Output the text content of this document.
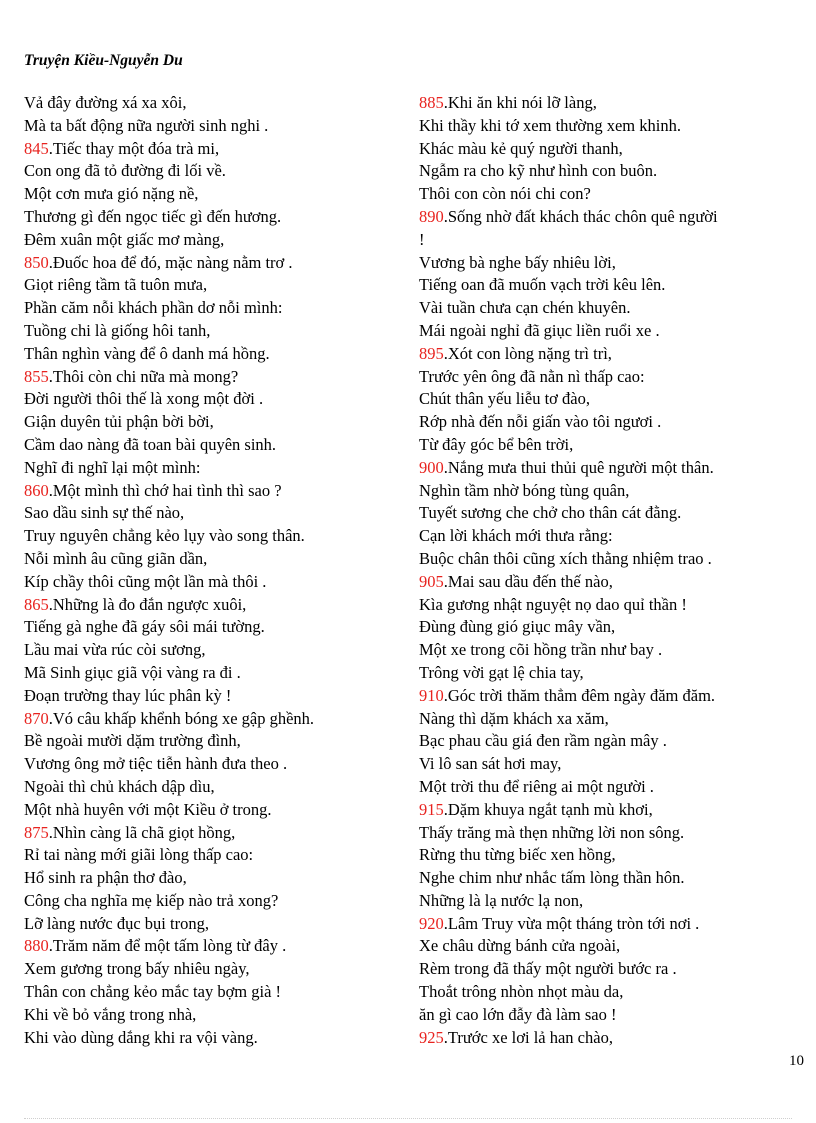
Truyện Kiều-Nguyễn Du
Vả đây đường xá xa xôi,
Mà ta bất động nữa người sinh nghi .
845.Tiếc thay một đóa trà mi,
Con ong đã tỏ đường đi lối về.
Một cơn mưa gió nặng nề,
Thương gì đến ngọc tiếc gì đến hương.
Đêm xuân một giấc mơ màng,
850.Đuốc hoa để đó, mặc nàng nằm trơ .
Giọt riêng tầm tã tuôn mưa,
Phần căm nỗi khách phần dơ nỗi mình:
Tuồng chi là giống hôi tanh,
Thân nghìn vàng để ô danh má hồng.
855.Thôi còn chi nữa mà mong?
Đời người thôi thế là xong một đời .
Giận duyên tủi phận bời bời,
Cầm dao nàng đã toan bài quyên sinh.
Nghĩ đi nghĩ lại một mình:
860.Một mình thì chớ hai tình thì sao ?
Sao dầu sinh sự thế nào,
Truy nguyên chẳng kẻo lụy vào song thân.
Nỗi mình âu cũng giãn dần,
Kíp chầy thôi cũng một lần mà thôi .
865.Những là đo đắn ngược xuôi,
Tiếng gà nghe đã gáy sôi mái tường.
Lầu mai vừa rúc còi sương,
Mã Sinh giục giã vội vàng ra đi .
Đoạn trường thay lúc phân kỳ !
870.Vó câu khấp khểnh bóng xe gập ghềnh.
Bề ngoài mười dặm trường đình,
Vương ông mở tiệc tiễn hành đưa theo .
Ngoài thì chủ khách dập dìu,
Một nhà huyên với một Kiều ở trong.
875.Nhìn càng lã chã giọt hồng,
Rỉ tai nàng mới giãi lòng thấp cao:
Hổ sinh ra phận thơ đào,
Công cha nghĩa mẹ kiếp nào trả xong?
Lỡ làng nước đục bụi trong,
880.Trăm năm để một tấm lòng từ đây .
Xem gương trong bấy nhiêu ngày,
Thân con chẳng kẻo mắc tay bợm già !
Khi về bỏ vắng trong nhà,
Khi vào dùng dắng khi ra vội vàng.
885.Khi ăn khi nói lỡ làng,
Khi thầy khi tớ xem thường xem khinh.
Khác màu kẻ quý người thanh,
Ngẫm ra cho kỹ như hình con buôn.
Thôi con còn nói chi con?
890.Sống nhờ đất khách thác chôn quê người
!
Vương bà nghe bấy nhiêu lời,
Tiếng oan đã muốn vạch trời kêu lên.
Vài tuần chưa cạn chén khuyên.
Mái ngoài nghỉ đã giục liền ruổi xe .
895.Xót con lòng nặng trì trì,
Trước yên ông đã nằn nì thấp cao:
Chút thân yếu liễu tơ đào,
Rớp nhà đến nỗi giấn vào tôi ngươi .
Từ đây góc bể bên trời,
900.Nắng mưa thui thủi quê người một thân.
Nghìn tầm nhờ bóng tùng quân,
Tuyết sương che chở cho thân cát đằng.
Cạn lời khách mới thưa rằng:
Buộc chân thôi cũng xích thằng nhiệm trao .
905.Mai sau dầu đến thế nào,
Kìa gương nhật nguyệt nọ dao quỉ thần !
Đùng đùng gió giục mây vần,
Một xe trong cõi hồng trần như bay .
Trông vời gạt lệ chia tay,
910.Góc trời thăm thẳm đêm ngày đăm đăm.
Nàng thì dặm khách xa xăm,
Bạc phau cầu giá đen rầm ngàn mây .
Vi lô san sát hơi may,
Một trời thu để riêng ai một người .
915.Dặm khuya ngắt tạnh mù khơi,
Thấy trăng mà thẹn những lời non sông.
Rừng thu từng biếc xen hồng,
Nghe chim như nhắc tấm lòng thần hôn.
Những là lạ nước lạ non,
920.Lâm Truy vừa một tháng tròn tới nơi .
Xe châu dừng bánh cửa ngoài,
Rèm trong đã thấy một người bước ra .
Thoắt trông nhòn nhọt màu da,
ăn gì cao lớn đẫy đà làm sao !
925.Trước xe lơi lả han chào,
10
